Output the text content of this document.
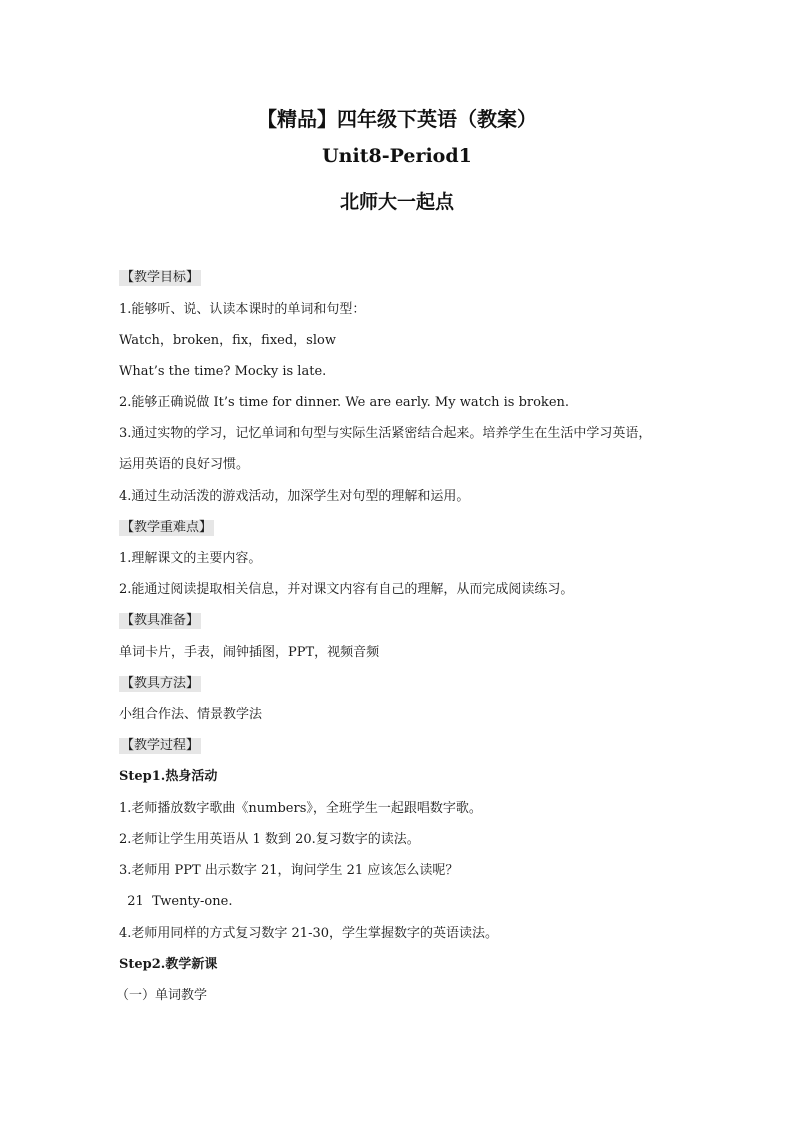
【精品】四年级下英语（教案）
Unit8-Period1
北师大一起点
【教学目标】
1.能够听、说、认读本课时的单词和句型：
Watch，broken，fix，fixed，slow
What’s the time? Mocky is late.
2.能够正确说做 It’s time for dinner. We are early. My watch is broken.
3.通过实物的学习，记忆单词和句型与实际生活紧密结合起来。培养学生在生活中学习英语，
运用英语的良好习惯。
4.通过生动活泼的游戏活动，加深学生对句型的理解和运用。
【教学重难点】
1.理解课文的主要内容。
2.能通过阅读提取相关信息，并对课文内容有自己的理解，从而完成阅读练习。
【教具准备】
单词卡片，手表，闹钟插图，PPT，视频音频
【教具方法】
小组合作法、情景教学法
【教学过程】
Step1.热身活动
1.老师播放数字歌曲《numbers》，全班学生一起跟唱数字歌。
2.老师让学生用英语从 1 数到 20.复习数字的读法。
3.老师用 PPT 出示数字 21，询问学生 21 应该怎么读呢？
21  Twenty-one.
4.老师用同样的方式复习数字 21-30，学生掌握数字的英语读法。
Step2.教学新课
（一）单词教学
